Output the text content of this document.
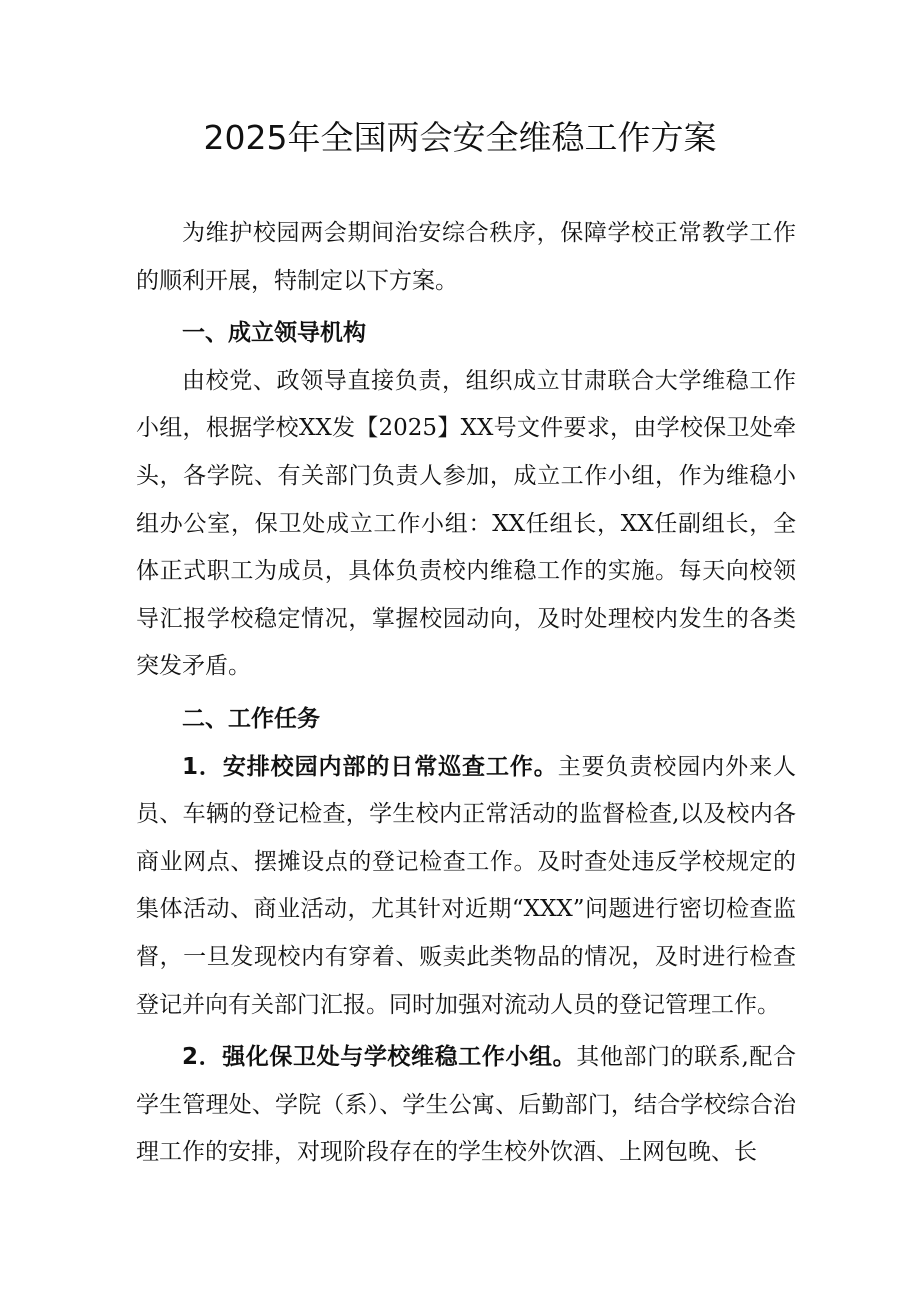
2025年全国两会安全维稳工作方案

为维护校园两会期间治安综合秩序，保障学校正常教学工作的顺利开展，特制定以下方案。

一、成立领导机构

由校党、政领导直接负责，组织成立甘肃联合大学维稳工作小组，根据学校XX发【2025】XX号文件要求，由学校保卫处牵头，各学院、有关部门负责人参加，成立工作小组，作为维稳小组办公室，保卫处成立工作小组：XX任组长，XX任副组长，全体正式职工为成员，具体负责校内维稳工作的实施。每天向校领导汇报学校稳定情况，掌握校园动向，及时处理校内发生的各类突发矛盾。

二、工作任务

1．安排校园内部的日常巡查工作。主要负责校园内外来人员、车辆的登记检查，学生校内正常活动的监督检查,以及校内各商业网点、摆摊设点的登记检查工作。及时查处违反学校规定的集体活动、商业活动，尤其针对近期“XXX”问题进行密切检查监督，一旦发现校内有穿着、贩卖此类物品的情况，及时进行检查登记并向有关部门汇报。同时加强对流动人员的登记管理工作。

2．强化保卫处与学校维稳工作小组。其他部门的联系,配合学生管理处、学院（系）、学生公寓、后勤部门，结合学校综合治理工作的安排，对现阶段存在的学生校外饮酒、上网包晚、长
